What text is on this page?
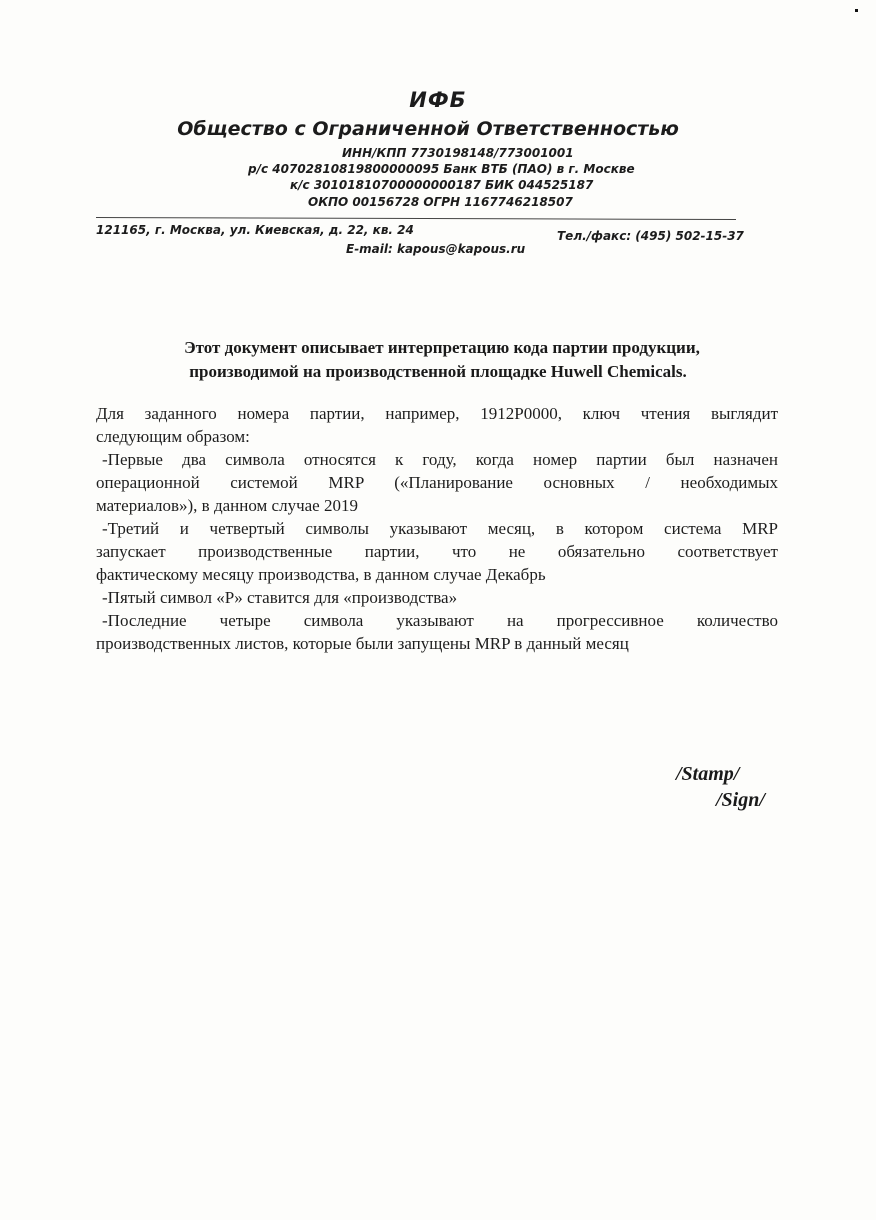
ИФБ
Общество с Ограниченной Ответственностью
ИНН/КПП 7730198148/773001001
р/с 40702810819800000095 Банк ВТБ (ПАО) в г. Москве
к/с 30101810700000000187 БИК 044525187
ОКПО 00156728 ОГРН 1167746218507
121165, г. Москва, ул. Киевская, д. 22, кв. 24	Тел./факс: (495) 502-15-37
E-mail: kapous@kapous.ru
Этот документ описывает интерпретацию кода партии продукции,
производимой на производственной площадке Huwell Chemicals.
Для заданного номера партии, например, 1912P0000, ключ чтения выглядит
следующим образом:
-Первые два символа относятся к году, когда номер партии был назначен
операционной системой MRP («Планирование основных / необходимых
материалов»), в данном случае 2019
-Третий и четвертый символы указывают месяц, в котором система MRP
запускает производственные партии, что не обязательно соответствует
фактическому месяцу производства, в данном случае Декабрь
-Пятый символ «P» ставится для «производства»
-Последние четыре символа указывают на прогрессивное количество
производственных листов, которые были запущены MRP в данный месяц
/Stamp/
/Sign/
